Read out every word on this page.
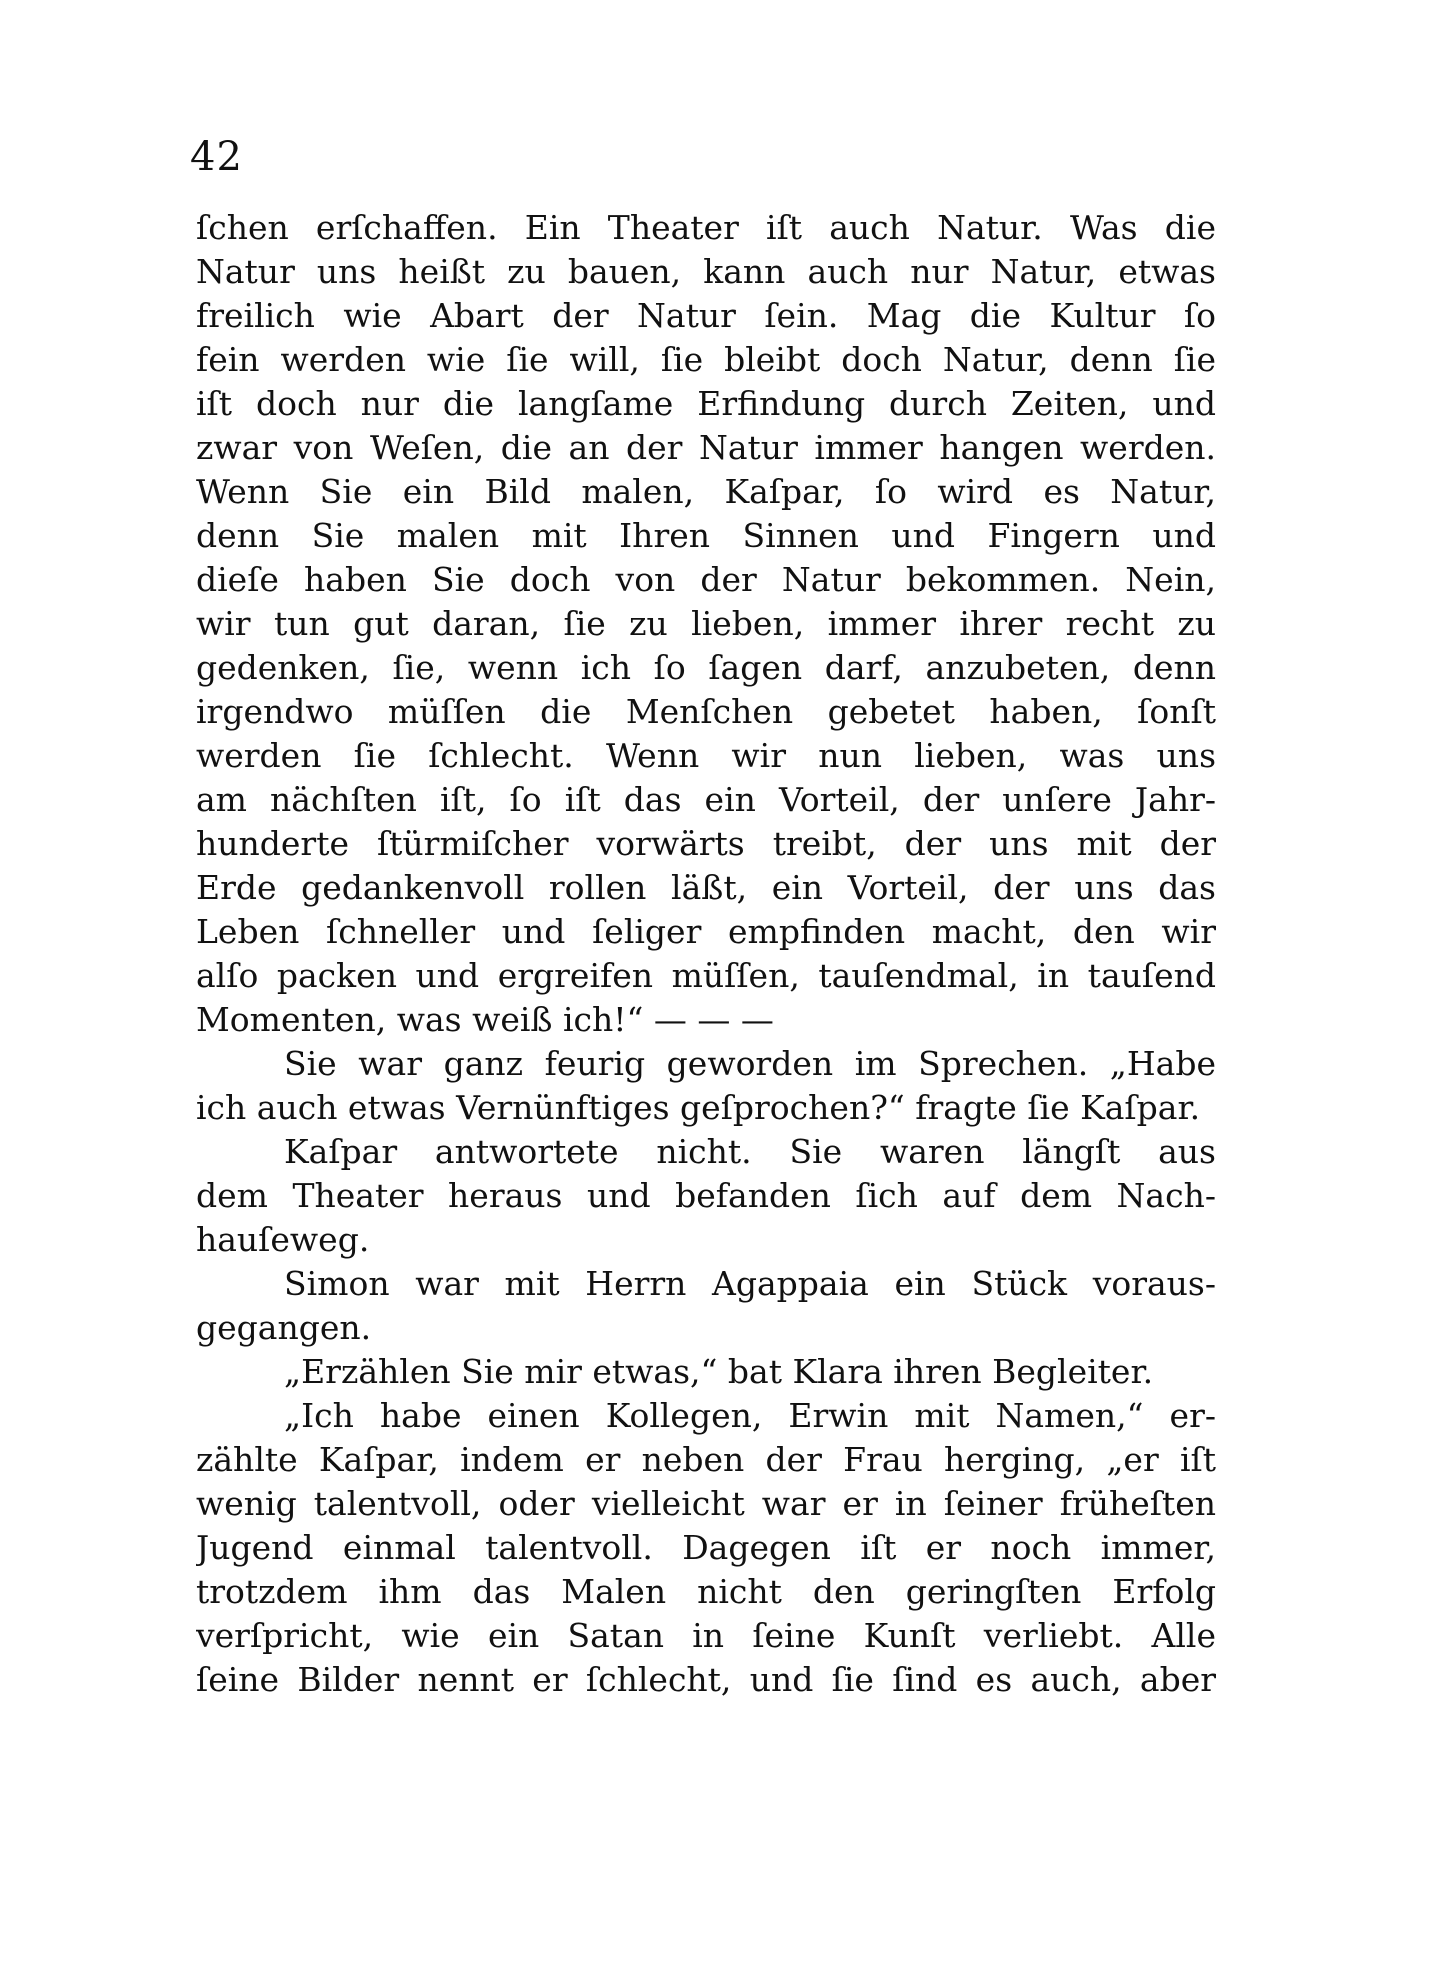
42
ſchen erſchaffen. Ein Theater iſt auch Natur. Was die
Natur uns heißt zu bauen, kann auch nur Natur, etwas
freilich wie Abart der Natur ſein. Mag die Kultur ſo
fein werden wie ſie will, ſie bleibt doch Natur, denn ſie
iſt doch nur die langſame Erfindung durch Zeiten, und
zwar von Weſen, die an der Natur immer hangen werden.
Wenn Sie ein Bild malen, Kaſpar, ſo wird es Natur,
denn Sie malen mit Ihren Sinnen und Fingern und
dieſe haben Sie doch von der Natur bekommen. Nein,
wir tun gut daran, ſie zu lieben, immer ihrer recht zu
gedenken, ſie, wenn ich ſo ſagen darf, anzubeten, denn
irgendwo müſſen die Menſchen gebetet haben, ſonſt
werden ſie ſchlecht. Wenn wir nun lieben, was uns
am nächſten iſt, ſo iſt das ein Vorteil, der unſere Jahr-
hunderte ſtürmiſcher vorwärts treibt, der uns mit der
Erde gedankenvoll rollen läßt, ein Vorteil, der uns das
Leben ſchneller und ſeliger empfinden macht, den wir
alſo packen und ergreifen müſſen, tauſendmal, in tauſend
Momenten, was weiß ich!“ — — —
Sie war ganz feurig geworden im Sprechen. „Habe
ich auch etwas Vernünftiges geſprochen?“ fragte ſie Kaſpar.
Kaſpar antwortete nicht. Sie waren längſt aus
dem Theater heraus und befanden ſich auf dem Nach-
hauſeweg.
Simon war mit Herrn Agappaia ein Stück voraus-
gegangen.
„Erzählen Sie mir etwas,“ bat Klara ihren Begleiter.
„Ich habe einen Kollegen, Erwin mit Namen,“ er-
zählte Kaſpar, indem er neben der Frau herging, „er iſt
wenig talentvoll, oder vielleicht war er in ſeiner früheſten
Jugend einmal talentvoll. Dagegen iſt er noch immer,
trotzdem ihm das Malen nicht den geringſten Erfolg
verſpricht, wie ein Satan in ſeine Kunſt verliebt. Alle
ſeine Bilder nennt er ſchlecht, und ſie ſind es auch, aber
